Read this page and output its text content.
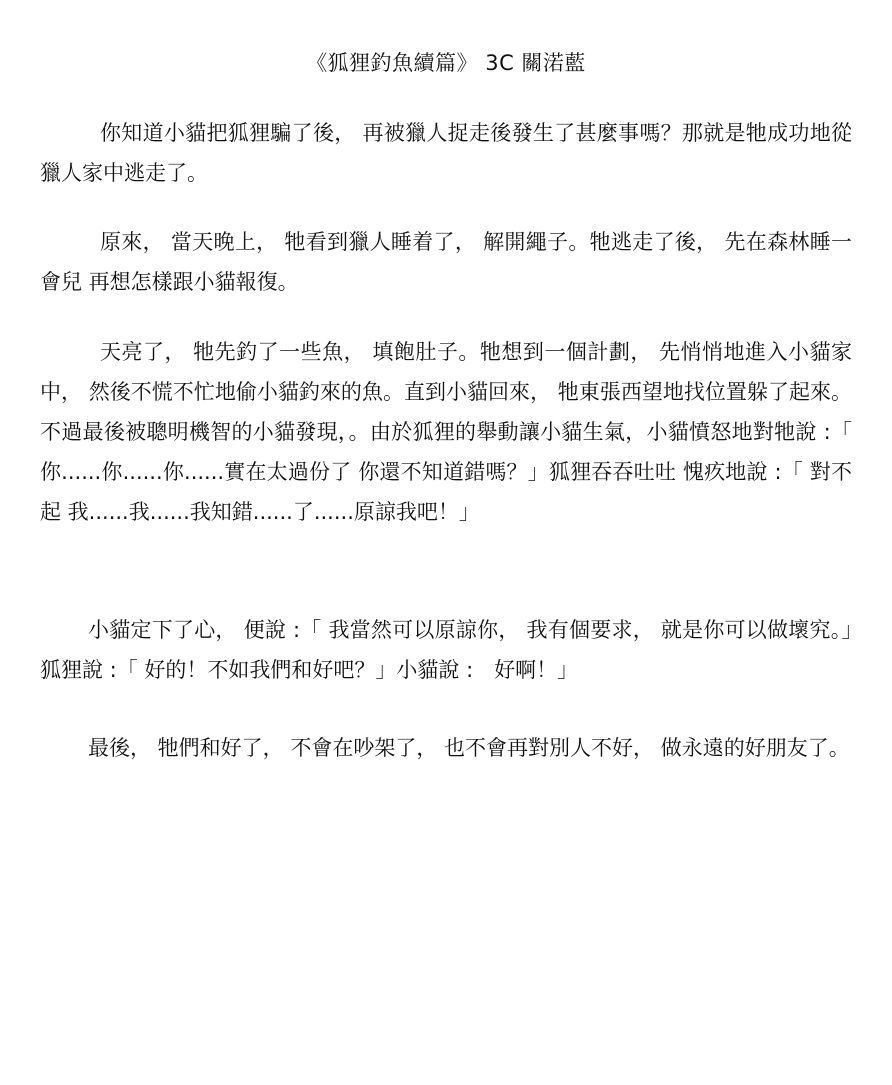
《狐狸釣魚續篇》 3C 關渃藍

你知道小貓把狐狸騙了後， 再被獵人捉走後發生了甚麼事嗎？那就是牠成功地從獵人家中逃走了。

原來， 當天晚上， 牠看到獵人睡着了， 解開繩子。牠逃走了後， 先在森林睡一會兒 再想怎樣跟小貓報復。

天亮了， 牠先釣了一些魚， 填飽肚子。牠想到一個計劃， 先悄悄地進入小貓家中， 然後不慌不忙地偷小貓釣來的魚。直到小貓回來， 牠東張西望地找位置躲了起來。不過最後被聰明機智的小貓發現，。由於狐狸的舉動讓小貓生氣，小貓憤怒地對牠說 :「 你......你......你......實在太過份了 你還不知道錯嗎？」狐狸吞吞吐吐 愧疚地說 :「 對不起 我......我......我知錯......了......原諒我吧！」

小貓定下了心， 便說 :「 我當然可以原諒你， 我有個要求， 就是你可以做壞究。」狐狸說 :「 好的！不如我們和好吧？」小貓說 :　好啊！」

最後， 牠們和好了， 不會在吵架了， 也不會再對別人不好， 做永遠的好朋友了。
